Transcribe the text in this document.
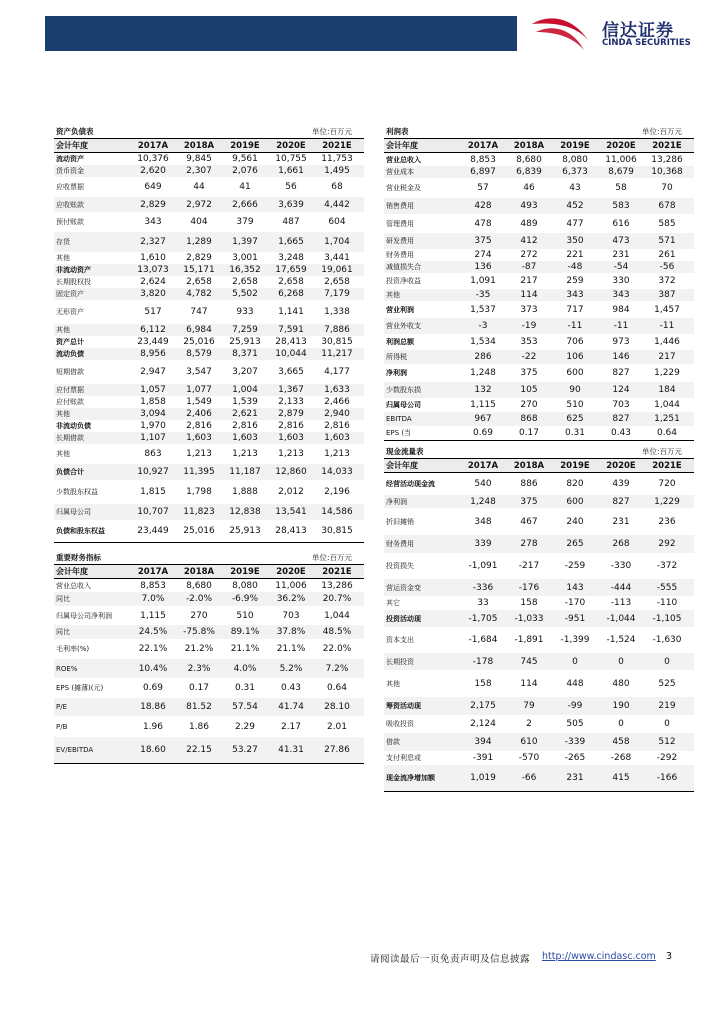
信达证券
CINDA SECURITIES
资产负债表	单位:百万元
会计年度	2017A	2018A	2019E	2020E	2021E
流动资产	10,376	9,845	9,561	10,755	11,753
货币资金	2,620	2,307	2,076	1,661	1,495
应收票据	649	44	41	56	68
应收账款	2,829	2,972	2,666	3,639	4,442
预付账款	343	404	379	487	604
存货	2,327	1,289	1,397	1,665	1,704
其他	1,610	2,829	3,001	3,248	3,441
非流动资产	13,073	15,171	16,352	17,659	19,061
长期股权投	2,624	2,658	2,658	2,658	2,658
固定资产	3,820	4,782	5,502	6,268	7,179
无形资产	517	747	933	1,141	1,338
其他	6,112	6,984	7,259	7,591	7,886
资产总计	23,449	25,016	25,913	28,413	30,815
流动负债	8,956	8,579	8,371	10,044	11,217
短期借款	2,947	3,547	3,207	3,665	4,177
应付票据	1,057	1,077	1,004	1,367	1,633
应付账款	1,858	1,549	1,539	2,133	2,466
其他	3,094	2,406	2,621	2,879	2,940
非流动负债	1,970	2,816	2,816	2,816	2,816
长期借款	1,107	1,603	1,603	1,603	1,603
其他	863	1,213	1,213	1,213	1,213
负债合计	10,927	11,395	11,187	12,860	14,033
少数股东权益	1,815	1,798	1,888	2,012	2,196
归属母公司	10,707	11,823	12,838	13,541	14,586
负债和股东权益	23,449	25,016	25,913	28,413	30,815
重要财务指标	单位:百万元
会计年度	2017A	2018A	2019E	2020E	2021E
营业总收入	8,853	8,680	8,080	11,006	13,286
同比	7.0%	-2.0%	-6.9%	36.2%	20.7%
归属母公司净利润	1,115	270	510	703	1,044
同比	24.5%	-75.8%	89.1%	37.8%	48.5%
毛利率(%)	22.1%	21.2%	21.1%	21.1%	22.0%
ROE%	10.4%	2.3%	4.0%	5.2%	7.2%
EPS (摊薄)(元)	0.69	0.17	0.31	0.43	0.64
P/E	18.86	81.52	57.54	41.74	28.10
P/B	1.96	1.86	2.29	2.17	2.01
EV/EBITDA	18.60	22.15	53.27	41.31	27.86
利润表	单位:百万元
会计年度	2017A	2018A	2019E	2020E	2021E
营业总收入	8,853	8,680	8,080	11,006	13,286
营业成本	6,897	6,839	6,373	8,679	10,368
营业税金及	57	46	43	58	70
销售费用	428	493	452	583	678
管理费用	478	489	477	616	585
研发费用	375	412	350	473	571
财务费用	274	272	221	231	261
减值损失合	136	-87	-48	-54	-56
投资净收益	1,091	217	259	330	372
其他	-35	114	343	343	387
营业利润	1,537	373	717	984	1,457
营业外收支	-3	-19	-11	-11	-11
利润总额	1,534	353	706	973	1,446
所得税	286	-22	106	146	217
净利润	1,248	375	600	827	1,229
少数股东损	132	105	90	124	184
归属母公司	1,115	270	510	703	1,044
EBITDA	967	868	625	827	1,251
EPS (当	0.69	0.17	0.31	0.43	0.64
现金流量表	单位:百万元
会计年度	2017A	2018A	2019E	2020E	2021E
经营活动现金流	540	886	820	439	720
净利润	1,248	375	600	827	1,229
折旧摊销	348	467	240	231	236
财务费用	339	278	265	268	292
投资损失	-1,091	-217	-259	-330	-372
营运资金变	-336	-176	143	-444	-555
其它	33	158	-170	-113	-110
投资活动现	-1,705	-1,033	-951	-1,044	-1,105
资本支出	-1,684	-1,891	-1,399	-1,524	-1,630
长期投资	-178	745	0	0	0
其他	158	114	448	480	525
筹资活动现	2,175	79	-99	190	219
吸收投资	2,124	2	505	0	0
借款	394	610	-339	458	512
支付利息或	-391	-570	-265	-268	-292
现金流净增加额	1,019	-66	231	415	-166
请阅读最后一页免责声明及信息披露 http://www.cindasc.com 3
